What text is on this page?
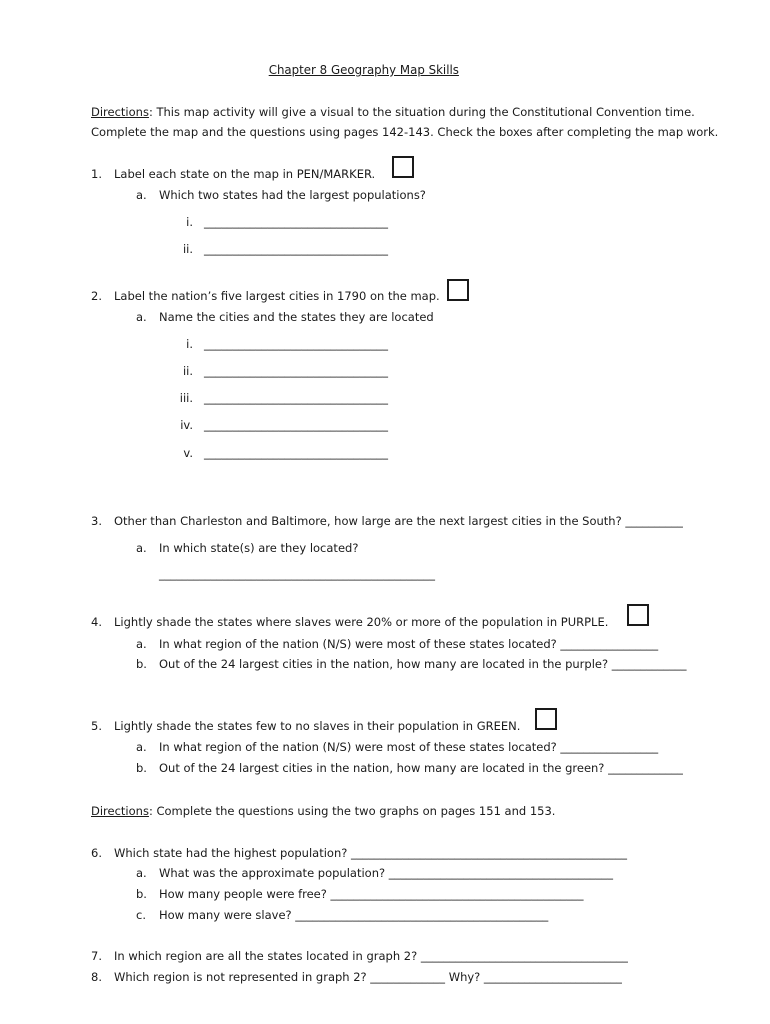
Chapter 8 Geography Map Skills
Directions: This map activity will give a visual to the situation during the Constitutional Convention time.
Complete the map and the questions using pages 142-143. Check the boxes after completing the map work.
1. Label each state on the map in PEN/MARKER.
a. Which two states had the largest populations?
i. ________________________________
ii. ________________________________
2. Label the nation’s five largest cities in 1790 on the map.
a. Name the cities and the states they are located
i. ________________________________
ii. ________________________________
iii. ________________________________
iv. ________________________________
v. ________________________________
3. Other than Charleston and Baltimore, how large are the next largest cities in the South? __________
a. In which state(s) are they located?
________________________________________________
4. Lightly shade the states where slaves were 20% or more of the population in PURPLE.
a. In what region of the nation (N/S) were most of these states located? _________________
b. Out of the 24 largest cities in the nation, how many are located in the purple? _____________
5. Lightly shade the states few to no slaves in their population in GREEN.
a. In what region of the nation (N/S) were most of these states located? _________________
b. Out of the 24 largest cities in the nation, how many are located in the green? _____________
Directions: Complete the questions using the two graphs on pages 151 and 153.
6. Which state had the highest population? ________________________________________________
a. What was the approximate population? _______________________________________
b. How many people were free? ____________________________________________
c. How many were slave? ____________________________________________
7. In which region are all the states located in graph 2? ____________________________________
8. Which region is not represented in graph 2? _____________ Why? ________________________
